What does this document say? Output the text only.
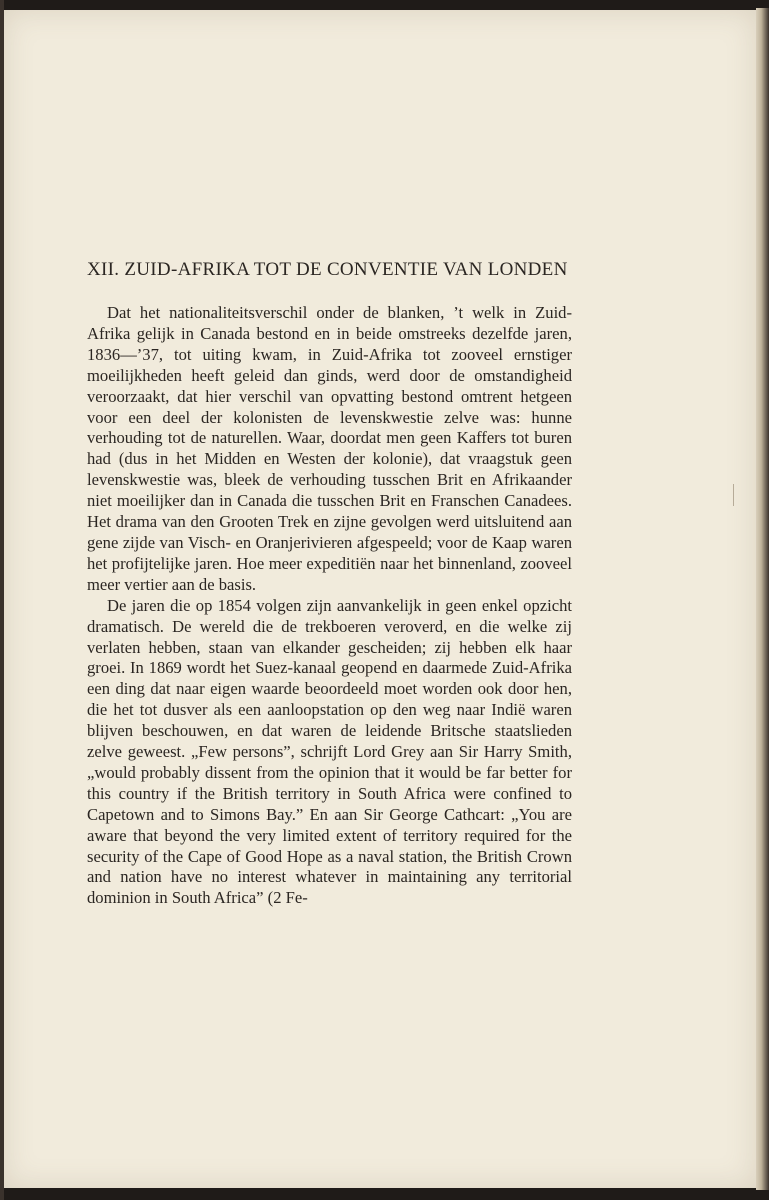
XII. ZUID-AFRIKA TOT DE CONVENTIE VAN LONDEN

Dat het nationaliteitsverschil onder de blanken, ’t welk in Zuid-Afrika gelijk in Canada bestond en in beide omstreeks dezelfde jaren, 1836—’37, tot uiting kwam, in Zuid-Afrika tot zooveel ernstiger moeilijkheden heeft geleid dan ginds, werd door de omstandigheid veroorzaakt, dat hier verschil van opvatting bestond omtrent hetgeen voor een deel der kolonisten de levenskwestie zelve was: hunne verhouding tot de naturellen. Waar, doordat men geen Kaffers tot buren had (dus in het Midden en Westen der kolonie), dat vraagstuk geen levenskwestie was, bleek de verhouding tusschen Brit en Afrikaander niet moeilijker dan in Canada die tusschen Brit en Franschen Canadees. Het drama van den Grooten Trek en zijne gevolgen werd uitsluitend aan gene zijde van Visch- en Oranjerivieren afgespeeld; voor de Kaap waren het profijtelijke jaren. Hoe meer expeditiën naar het binnenland, zooveel meer vertier aan de basis.

De jaren die op 1854 volgen zijn aanvankelijk in geen enkel opzicht dramatisch. De wereld die de trekboeren veroverd, en die welke zij verlaten hebben, staan van elkander gescheiden; zij hebben elk haar groei. In 1869 wordt het Suez-kanaal geopend en daarmede Zuid-Afrika een ding dat naar eigen waarde beoordeeld moet worden ook door hen, die het tot dusver als een aanloopstation op den weg naar Indië waren blijven beschouwen, en dat waren de leidende Britsche staatslieden zelve geweest. „Few persons”, schrijft Lord Grey aan Sir Harry Smith, „would probably dissent from the opinion that it would be far better for this country if the British territory in South Africa were confined to Capetown and to Simons Bay.” En aan Sir George Cathcart: „You are aware that beyond the very limited extent of territory required for the security of the Cape of Good Hope as a naval station, the British Crown and nation have no interest whatever in maintaining any territorial dominion in South Africa” (2 Fe-
